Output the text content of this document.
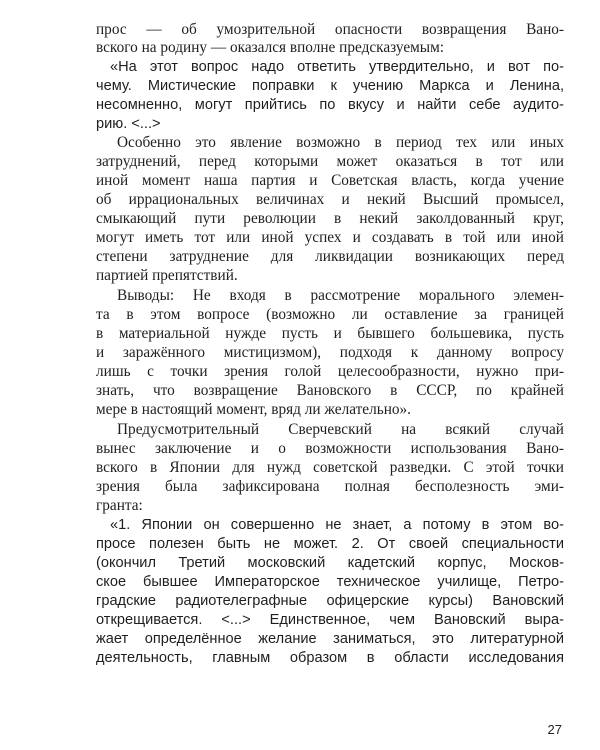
прос — об умозрительной опасности возвращения Вано-
вского на родину — оказался вполне предсказуемым:
«На этот вопрос надо ответить утвердительно, и вот по-
чему. Мистические поправки к учению Маркса и Ленина,
несомненно, могут прийтись по вкусу и найти себе аудито-
рию. <...>
Особенно это явление возможно в период тех или иных
затруднений, перед которыми может оказаться в тот или
иной момент наша партия и Советская власть, когда учение
об иррациональных величинах и некий Высший промысел,
смыкающий пути революции в некий заколдованный круг,
могут иметь тот или иной успех и создавать в той или иной
степени затруднение для ликвидации возникающих перед
партией препятствий.
Выводы: Не входя в рассмотрение морального элемен-
та в этом вопросе (возможно ли оставление за границей
в материальной нужде пусть и бывшего большевика, пусть
и заражённого мистицизмом), подходя к данному вопросу
лишь с точки зрения голой целесообразности, нужно при-
знать, что возвращение Вановского в СССР, по крайней
мере в настоящий момент, вряд ли желательно».
Предусмотрительный Сверчевский на всякий случай
вынес заключение и о возможности использования Вано-
вского в Японии для нужд советской разведки. С этой точки
зрения была зафиксирована полная бесполезность эми-
гранта:
«1. Японии он совершенно не знает, а потому в этом во-
просе полезен быть не может. 2. От своей специальности
(окончил Третий московский кадетский корпус, Москов-
ское бывшее Императорское техническое училище, Петро-
градские радиотелеграфные офицерские курсы) Вановский
открещивается. <...> Единственное, чем Вановский выра-
жает определённое желание заниматься, это литературной
деятельность, главным образом в области исследования
27
